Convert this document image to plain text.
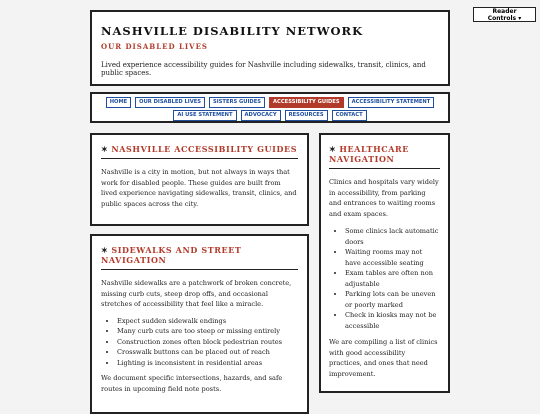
Reader Controls ▾
NASHVILLE DISABILITY NETWORK
OUR DISABLED LIVES
Lived experience accessibility guides for Nashville including sidewalks, transit, clinics, and public spaces.
HOME	OUR DISABLED LIVES	SISTERS GUIDES	ACCESSIBILITY GUIDES	ACCESSIBILITY STATEMENT
AI USE STATEMENT	ADVOCACY	RESOURCES	CONTACT
✶ NASHVILLE ACCESSIBILITY GUIDES

Nashville is a city in motion, but not always in ways that work for disabled people. These guides are built from lived experience navigating sidewalks, transit, clinics, and public spaces across the city.

✶ SIDEWALKS AND STREET NAVIGATION

Nashville sidewalks are a patchwork of broken concrete, missing curb cuts, steep drop offs, and occasional stretches of accessibility that feel like a miracle.

• Expect sudden sidewalk endings
• Many curb cuts are too steep or missing entirely
• Construction zones often block pedestrian routes
• Crosswalk buttons can be placed out of reach
• Lighting is inconsistent in residential areas

We document specific intersections, hazards, and safe routes in upcoming field note posts.

✶ HEALTHCARE NAVIGATION

Clinics and hospitals vary widely in accessibility, from parking and entrances to waiting rooms and exam spaces.

• Some clinics lack automatic doors
• Waiting rooms may not have accessible seating
• Exam tables are often non adjustable
• Parking lots can be uneven or poorly marked
• Check in kiosks may not be accessible

We are compiling a list of clinics with good accessibility practices, and ones that need improvement.
